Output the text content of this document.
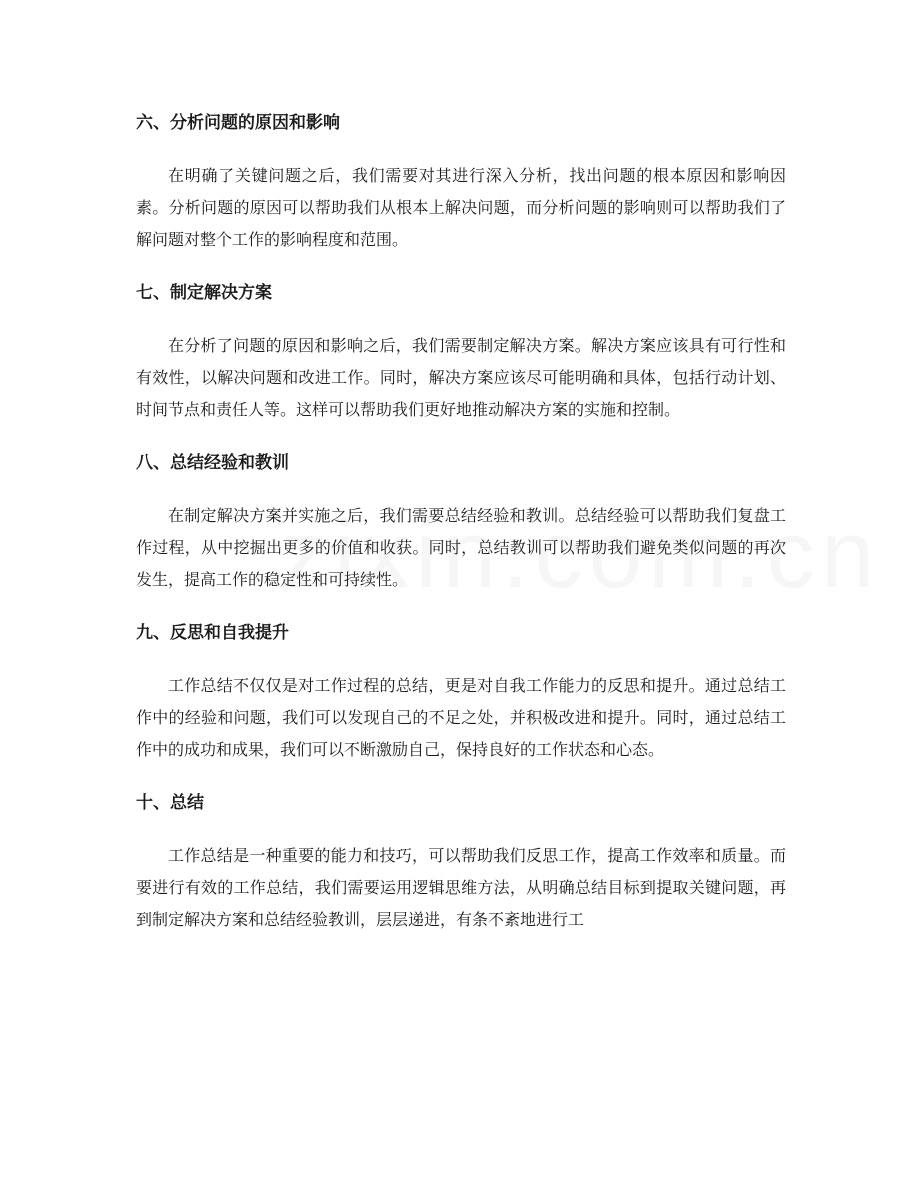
六、分析问题的原因和影响

在明确了关键问题之后，我们需要对其进行深入分析，找出问题的根本原因和影响因素。分析问题的原因可以帮助我们从根本上解决问题，而分析问题的影响则可以帮助我们了解问题对整个工作的影响程度和范围。

七、制定解决方案

在分析了问题的原因和影响之后，我们需要制定解决方案。解决方案应该具有可行性和有效性，以解决问题和改进工作。同时，解决方案应该尽可能明确和具体，包括行动计划、时间节点和责任人等。这样可以帮助我们更好地推动解决方案的实施和控制。

八、总结经验和教训

在制定解决方案并实施之后，我们需要总结经验和教训。总结经验可以帮助我们复盘工作过程，从中挖掘出更多的价值和收获。同时，总结教训可以帮助我们避免类似问题的再次发生，提高工作的稳定性和可持续性。

九、反思和自我提升

工作总结不仅仅是对工作过程的总结，更是对自我工作能力的反思和提升。通过总结工作中的经验和问题，我们可以发现自己的不足之处，并积极改进和提升。同时，通过总结工作中的成功和成果，我们可以不断激励自己，保持良好的工作状态和心态。

十、总结

工作总结是一种重要的能力和技巧，可以帮助我们反思工作，提高工作效率和质量。而要进行有效的工作总结，我们需要运用逻辑思维方法，从明确总结目标到提取关键问题，再到制定解决方案和总结经验教训，层层递进，有条不紊地进行工
